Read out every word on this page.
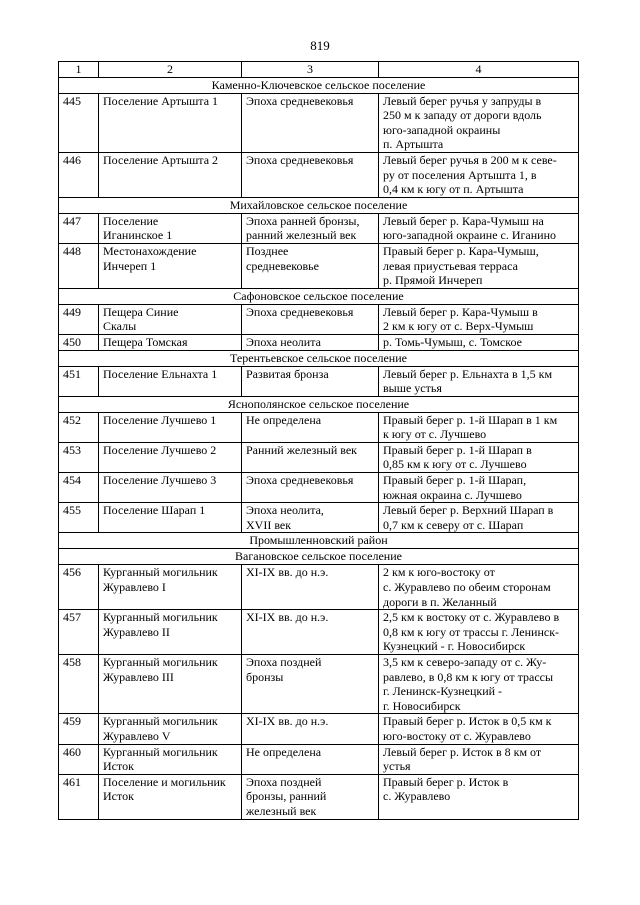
819
1	2	3	4
Каменно-Ключевское сельское поселение			
445	Поселение Артышта 1	Эпоха средневековья	Левый берег ручья у запруды в
250 м к западу от дороги вдоль
юго-западной окраины
п. Артышта
446	Поселение Артышта 2	Эпоха средневековья	Левый берег ручья в 200 м к севе-
ру от поселения Артышта 1, в
0,4 км к югу от п. Артышта
Михайловское сельское поселение			
447	Поселение
Иганинское 1	Эпоха ранней бронзы,
ранний железный век	Левый берег р. Кара-Чумыш на
юго-западной окраине с. Иганино
448	Местонахождение
Инчереп 1	Позднее
средневековье	Правый берег р. Кара-Чумыш,
левая приустьевая терраса
р. Прямой Инчереп
Сафоновское сельское поселение			
449	Пещера Синие
Скалы	Эпоха средневековья	Левый берег р. Кара-Чумыш в
2 км к югу от с. Верх-Чумыш
450	Пещера Томская	Эпоха неолита	р. Томь-Чумыш, с. Томское
Терентьевское сельское поселение			
451	Поселение Ельнахта 1	Развитая бронза	Левый берег р. Ельнахта в 1,5 км
выше устья
Яснополянское сельское поселение			
452	Поселение Лучшево 1	Не определена	Правый берег р. 1-й Шарап в 1 км
к югу от с. Лучшево
453	Поселение Лучшево 2	Ранний железный век	Правый берег р. 1-й Шарап в
0,85 км к югу от с. Лучшево
454	Поселение Лучшево 3	Эпоха средневековья	Правый берег р. 1-й Шарап,
южная окраина с. Лучшево
455	Поселение Шарап 1	Эпоха неолита,
XVII век	Левый берег р. Верхний Шарап в
0,7 км к северу от с. Шарап
Промышленновский район			
Вагановское сельское поселение			
456	Курганный могильник
Журавлево I	XI-IX вв. до н.э.	2 км к юго-востоку от
с. Журавлево по обеим сторонам
дороги в п. Желанный
457	Курганный могильник
Журавлево II	XI-IX вв. до н.э.	2,5 км к востоку от с. Журавлево в
0,8 км к югу от трассы г. Ленинск-
Кузнецкий - г. Новосибирск
458	Курганный могильник
Журавлево III	Эпоха поздней
бронзы	3,5 км к северо-западу от с. Жу-
равлево, в 0,8 км к югу от трассы
г. Ленинск-Кузнецкий -
г. Новосибирск
459	Курганный могильник
Журавлево V	XI-IX вв. до н.э.	Правый берег р. Исток в 0,5 км к
юго-востоку от с. Журавлево
460	Курганный могильник
Исток	Не определена	Левый берег р. Исток в 8 км от
устья
461	Поселение и могильник
Исток	Эпоха поздней
бронзы, ранний
железный век	Правый берег р. Исток в
с. Журавлево
